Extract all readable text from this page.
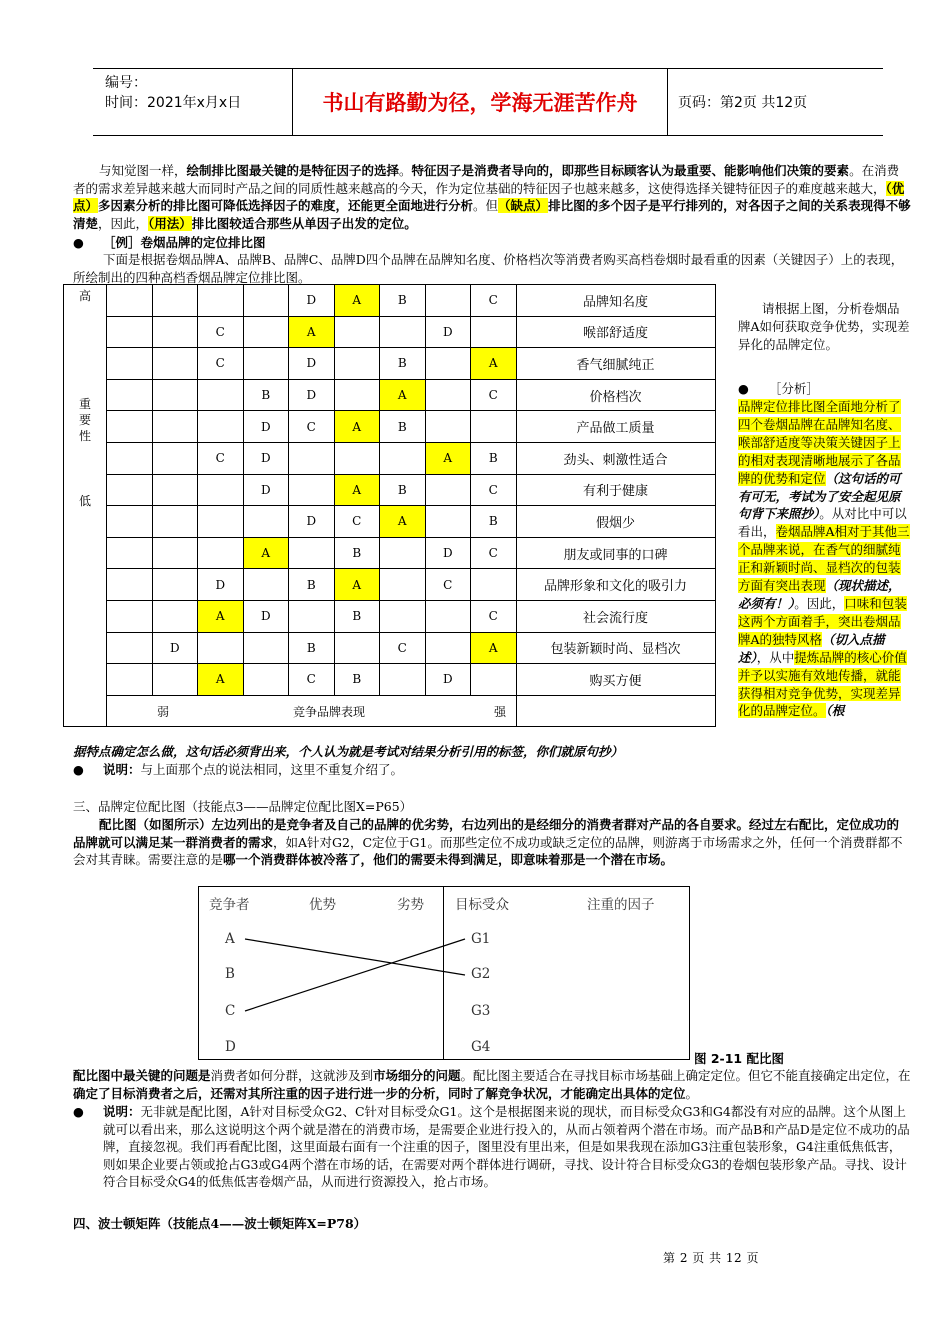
编号：
时间：2021年x月x日	书山有路勤为径，学海无涯苦作舟	页码：第2页 共12页
与知觉图一样，绘制排比图最关键的是特征因子的选择。特征因子是消费者导向的，即那些目标顾客认为最重要、能影响他们决策的要素。在消费者的需求差异越来越大而同时产品之间的同质性越来越高的今天，作为定位基础的特征因子也越来越多，这使得选择关键特征因子的难度越来越大，（优点）多因素分析的排比图可降低选择因子的难度，还能更全面地进行分析。但（缺点）排比图的多个因子是平行排列的，对各因子之间的关系表现得不够清楚，因此，（用法）排比图较适合那些从单因子出发的定位。
● ［例］卷烟品牌的定位排比图
下面是根据卷烟品牌A、品牌B、品牌C、品牌D四个品牌在品牌知名度、价格档次等消费者购买高档卷烟时最看重的因素（关键因子）上的表现，所绘制出的四种高档香烟品牌定位排比图。
高
重要性
低					D	A	B		C	品牌知名度
			C		A			D		喉部舒适度
			C		D		B		A	香气细腻纯正
				B	D		A		C	价格档次
				D	C	A	B			产品做工质量
			C	D				A	B	劲头、刺激性适合
				D		A	B		C	有利于健康
					D	C	A		B	假烟少
				A		B		D	C	朋友或同事的口碑
			D		B	A		C		品牌形象和文化的吸引力
			A	D		B			C	社会流行度
		D			B		C		A	包装新颖时尚、显档次
			A		C	B		D		购买方便

	弱 竞争品牌表现 强									

请根据上图，分析卷烟品牌A如何获取竞争优势，实现差异化的品牌定位。
● ［分析］
品牌定位排比图全面地分析了四个卷烟品牌在品牌知名度、喉部舒适度等决策关键因子上的相对表现清晰地展示了各品牌的优势和定位（这句话的可有可无，考试为了安全起见原句背下来照抄）。从对比中可以看出，卷烟品牌A相对于其他三个品牌来说，在香气的细腻纯正和新颖时尚、显档次的包装方面有突出表现（现状描述，必须有！）。因此，口味和包装这两个方面着手，突出卷烟品牌A的独特风格（切入点描述），从中提炼品牌的核心价值并予以实施有效地传播，就能获得相对竞争优势，实现差异化的品牌定位。（根
据特点确定怎么做，这句话必须背出来，个人认为就是考试对结果分析引用的标签，你们就原句抄）
● 说明：与上面那个点的说法相同，这里不重复介绍了。
三、品牌定位配比图（技能点3——品牌定位配比图X=P65）
配比图（如图所示）左边列出的是竞争者及自己的品牌的优劣势，右边列出的是经细分的消费者群对产品的各自要求。经过左右配比，定位成功的品牌就可以满足某一群消费者的需求，如A针对G2，C定位于G1。而那些定位不成功或缺乏定位的品牌，则游离于市场需求之外，任何一个消费群都不会对其青睐。需要注意的是哪一个消费群体被冷落了，他们的需要未得到满足，即意味着那是一个潜在市场。
竞争者	优势	劣势 目标受众	注重的因子
A
B
C
D
G1
G2
G3
G4
图 2-11 配比图
配比图中最关键的问题是消费者如何分群，这就涉及到市场细分的问题。配比图主要适合在寻找目标市场基础上确定定位。但它不能直接确定出定位，在确定了目标消费者之后，还需对其所注重的因子进行进一步的分析，同时了解竞争状况，才能确定出具体的定位。
● 说明：无非就是配比图，A针对目标受众G2、C针对目标受众G1。这个是根据图来说的现状，而目标受众G3和G4都没有对应的品牌。这个从图上就可以看出来，那么这说明这个两个就是潜在的消费市场，是需要企业进行投入的，从而占领着两个潜在市场。而产品B和产品D是定位不成功的品牌，直接忽视。我们再看配比图，这里面最右面有一个注重的因子，图里没有里出来，但是如果我现在添加G3注重包装形象，G4注重低焦低害，则如果企业要占领或抢占G3或G4两个潜在市场的话，在需要对两个群体进行调研，寻找、设计符合目标受众G3的卷烟包装形象产品。寻找、设计符合目标受众G4的低焦低害卷烟产品，从而进行资源投入，抢占市场。
四、波士顿矩阵（技能点4——波士顿矩阵X=P78）
第 2 页 共 12 页
